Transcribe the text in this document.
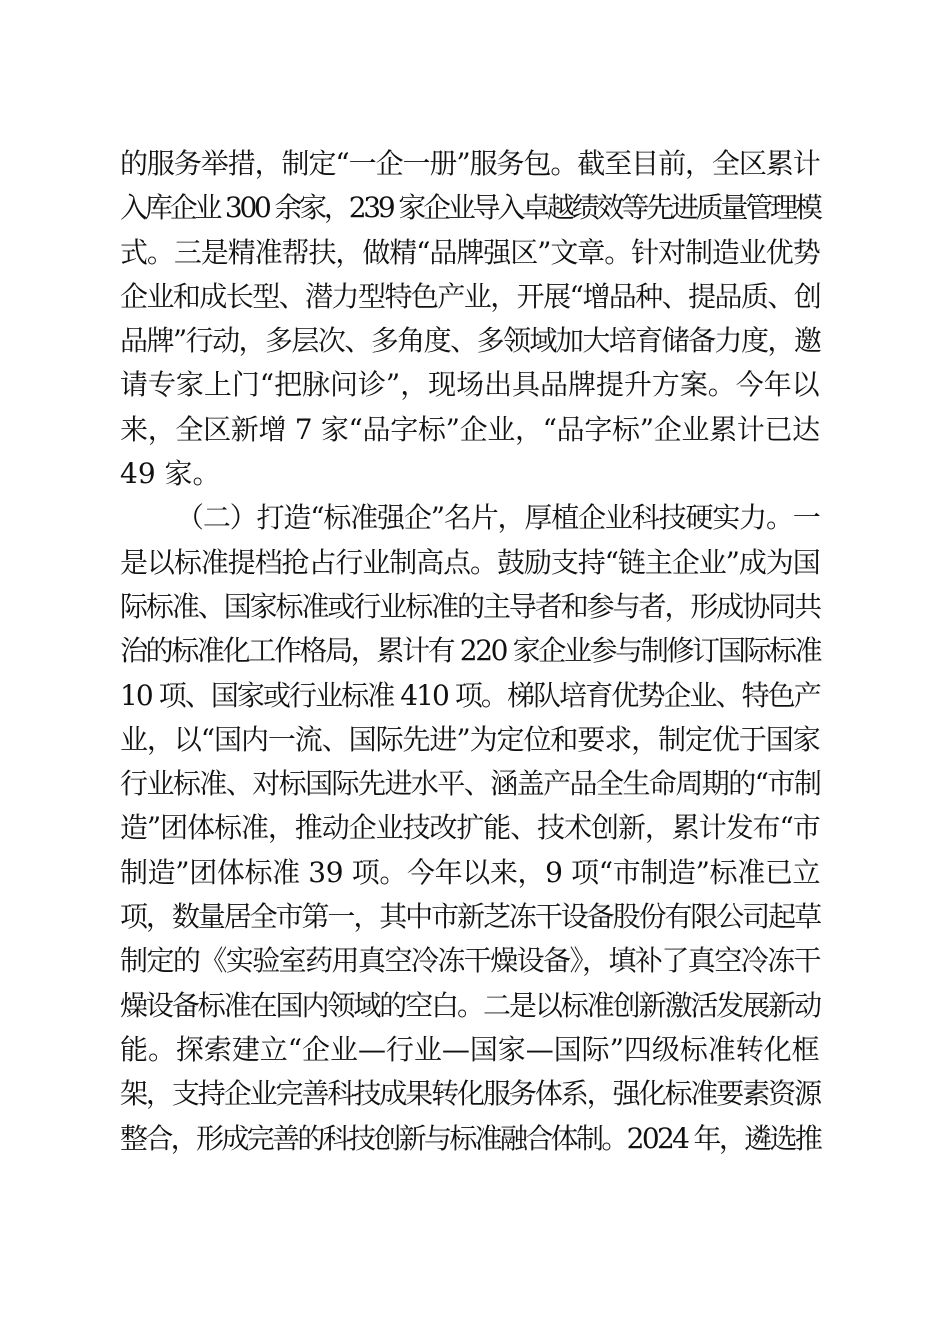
的服务举措，制定“一企一册”服务包。截至目前，全区累计
入库企业 300 余家，239 家企业导入卓越绩效等先进质量管理模
式。三是精准帮扶，做精“品牌强区”文章。针对制造业优势
企业和成长型、潜力型特色产业，开展“增品种、提品质、创
品牌”行动，多层次、多角度、多领域加大培育储备力度，邀
请专家上门“把脉问诊”，现场出具品牌提升方案。今年以
来，全区新增 7 家“品字标”企业，“品字标”企业累计已达
49 家。
（二）打造“标准强企”名片，厚植企业科技硬实力。一
是以标准提档抢占行业制高点。鼓励支持“链主企业”成为国
际标准、国家标准或行业标准的主导者和参与者，形成协同共
治的标准化工作格局，累计有 220 家企业参与制修订国际标准
10 项、国家或行业标准 410 项。梯队培育优势企业、特色产
业，以“国内一流、国际先进”为定位和要求，制定优于国家
行业标准、对标国际先进水平、涵盖产品全生命周期的“市制
造”团体标准，推动企业技改扩能、技术创新，累计发布“市
制造”团体标准 39 项。今年以来，9 项“市制造”标准已立
项，数量居全市第一，其中市新芝冻干设备股份有限公司起草
制定的《实验室药用真空冷冻干燥设备》，填补了真空冷冻干
燥设备标准在国内领域的空白。二是以标准创新激活发展新动
能。探索建立“企业—行业—国家—国际”四级标准转化框
架，支持企业完善科技成果转化服务体系，强化标准要素资源
整合，形成完善的科技创新与标准融合体制。2024 年，遴选推
